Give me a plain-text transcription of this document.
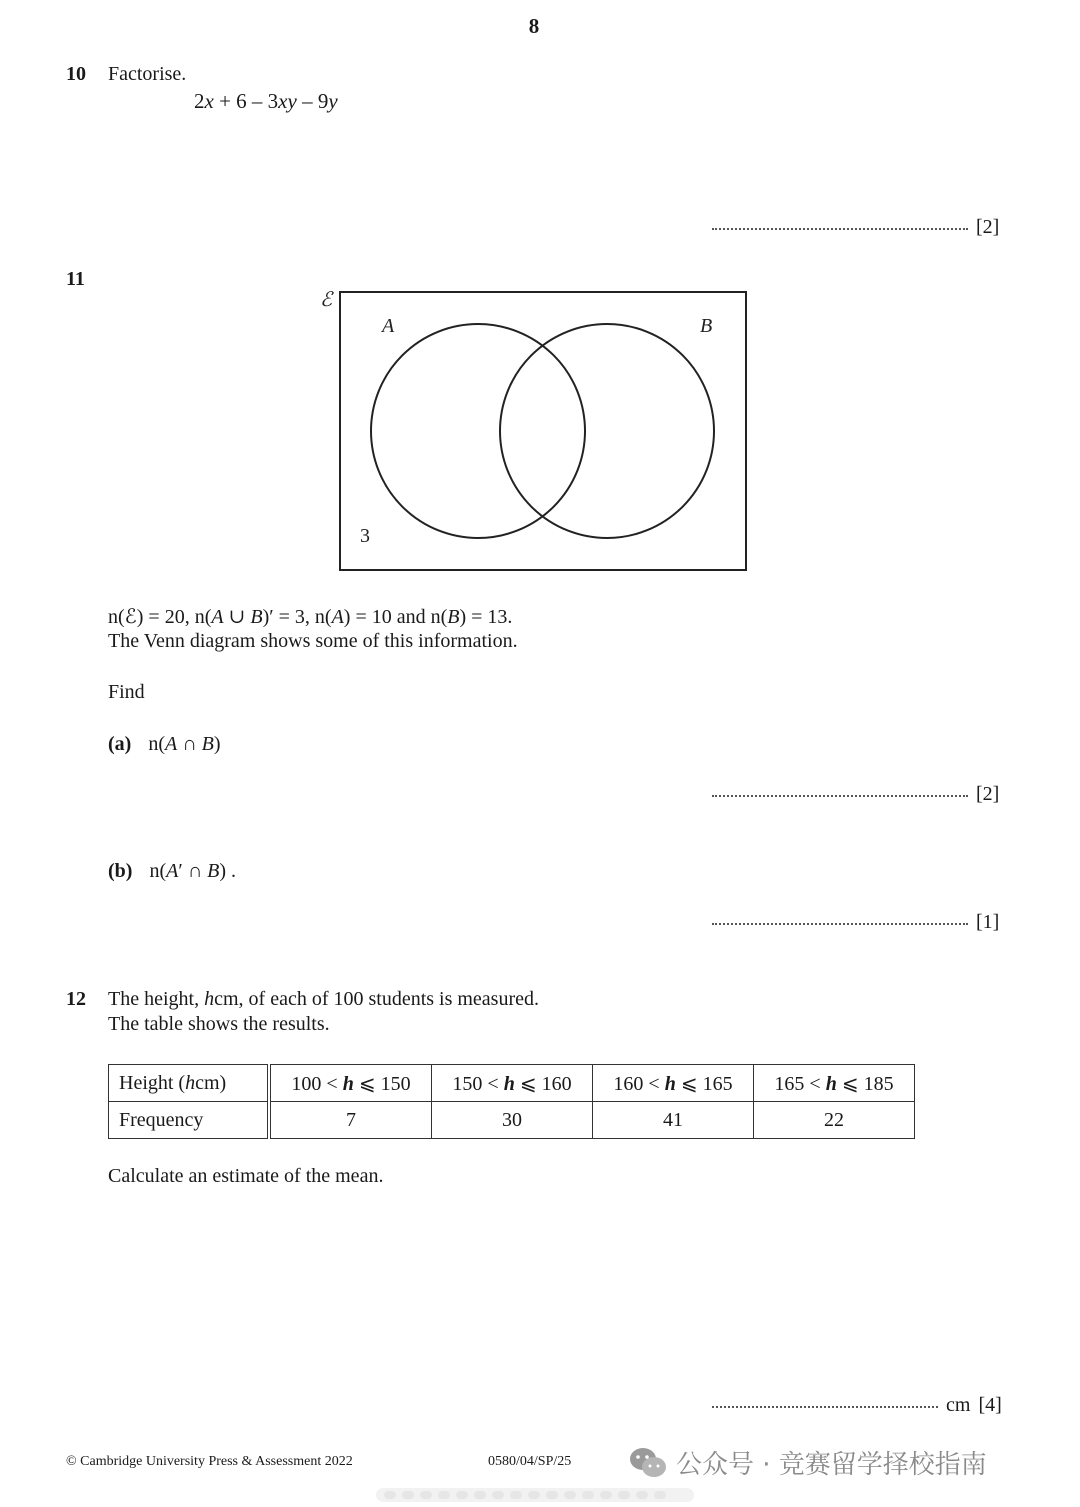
8
10 Factorise.
2x + 6 – 3xy – 9y
[2]
11
ℰ
A	B
3
n(ℰ) = 20, n(A ∪ B)′ = 3, n(A) = 10 and n(B) = 13.
The Venn diagram shows some of this information.
Find
(a) n(A ∩ B)
[2]
(b) n(A′ ∩ B) .
[1]
12 The height, hcm, of each of 100 students is measured.
The table shows the results.
Height (hcm)	100 < h ⩽ 150	150 < h ⩽ 160	160 < h ⩽ 165	165 < h ⩽ 185
Frequency	7	30	41	22
Calculate an estimate of the mean.
cm [4]
© Cambridge University Press & Assessment 2022	0580/04/SP/25	公众号 · 竞赛留学择校指南
